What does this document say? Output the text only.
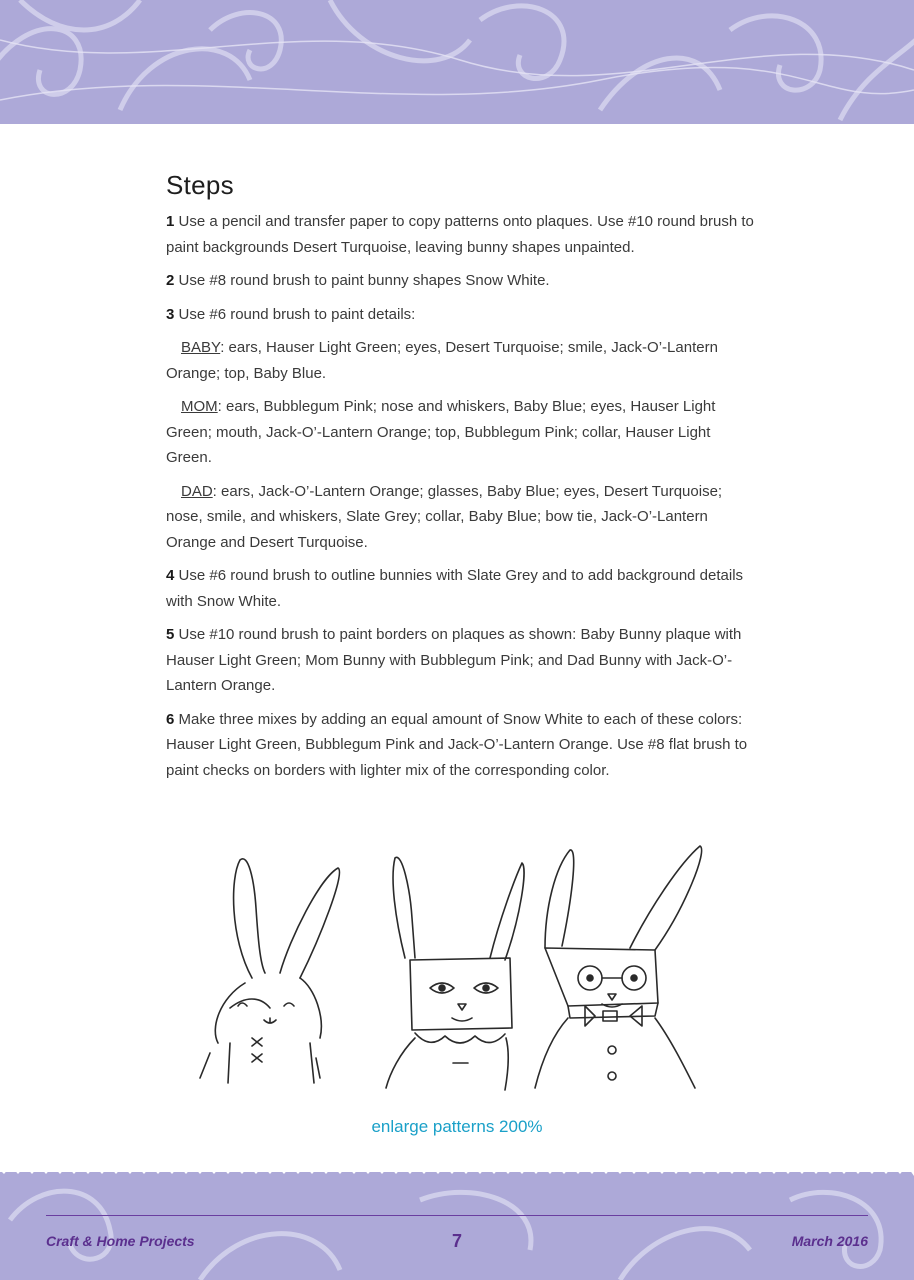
Steps

1 Use a pencil and transfer paper to copy patterns onto plaques. Use #10 round brush to paint backgrounds Desert Turquoise, leaving bunny shapes unpainted.

2 Use #8 round brush to paint bunny shapes Snow White.

3 Use #6 round brush to paint details:

BABY: ears, Hauser Light Green; eyes, Desert Turquoise; smile, Jack-O’-Lantern Orange; top, Baby Blue.

MOM: ears, Bubblegum Pink; nose and whiskers, Baby Blue; eyes, Hauser Light Green; mouth, Jack-O’-Lantern Orange; top, Bubblegum Pink; collar, Hauser Light Green.

DAD: ears, Jack-O’-Lantern Orange; glasses, Baby Blue; eyes, Desert Turquoise; nose, smile, and whiskers, Slate Grey; collar, Baby Blue; bow tie, Jack-O’-Lantern Orange and Desert Turquoise.

4 Use #6 round brush to outline bunnies with Slate Grey and to add background details with Snow White.

5 Use #10 round brush to paint borders on plaques as shown: Baby Bunny plaque with Hauser Light Green; Mom Bunny with Bubblegum Pink; and Dad Bunny with Jack-O’-Lantern Orange.

6 Make three mixes by adding an equal amount of Snow White to each of these colors: Hauser Light Green, Bubblegum Pink and Jack-O’-Lantern Orange. Use #8 flat brush to paint checks on borders with lighter mix of the corresponding color.

enlarge patterns 200%
Craft & Home Projects	7	March 2016
